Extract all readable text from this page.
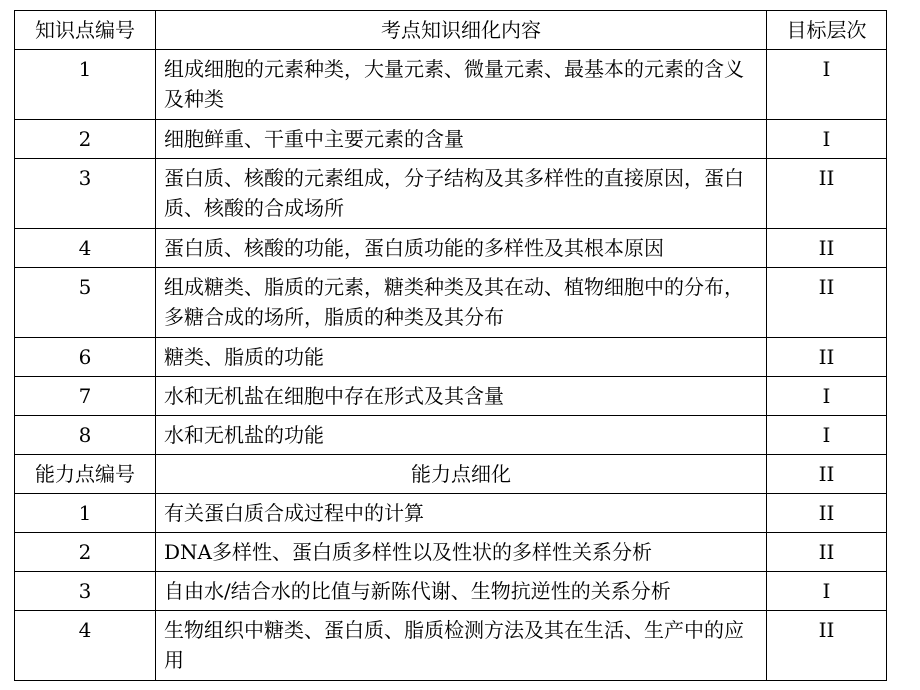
知识点编号	考点知识细化内容	目标层次

1	组成细胞的元素种类，大量元素、微量元素、最基本的元素的含义及种类	I

2	细胞鲜重、干重中主要元素的含量	I

3	蛋白质、核酸的元素组成，分子结构及其多样性的直接原因，蛋白质、核酸的合成场所	II

4	蛋白质、核酸的功能，蛋白质功能的多样性及其根本原因	II

5	组成糖类、脂质的元素，糖类种类及其在动、植物细胞中的分布，多糖合成的场所，脂质的种类及其分布	II

6	糖类、脂质的功能	II

7	水和无机盐在细胞中存在形式及其含量	I

8	水和无机盐的功能	I

能力点编号	能力点细化	II

1	有关蛋白质合成过程中的计算	II

2	DNA多样性、蛋白质多样性以及性状的多样性关系分析	II

3	自由水/结合水的比值与新陈代谢、生物抗逆性的关系分析	I

4	生物组织中糖类、蛋白质、脂质检测方法及其在生活、生产中的应用	II
